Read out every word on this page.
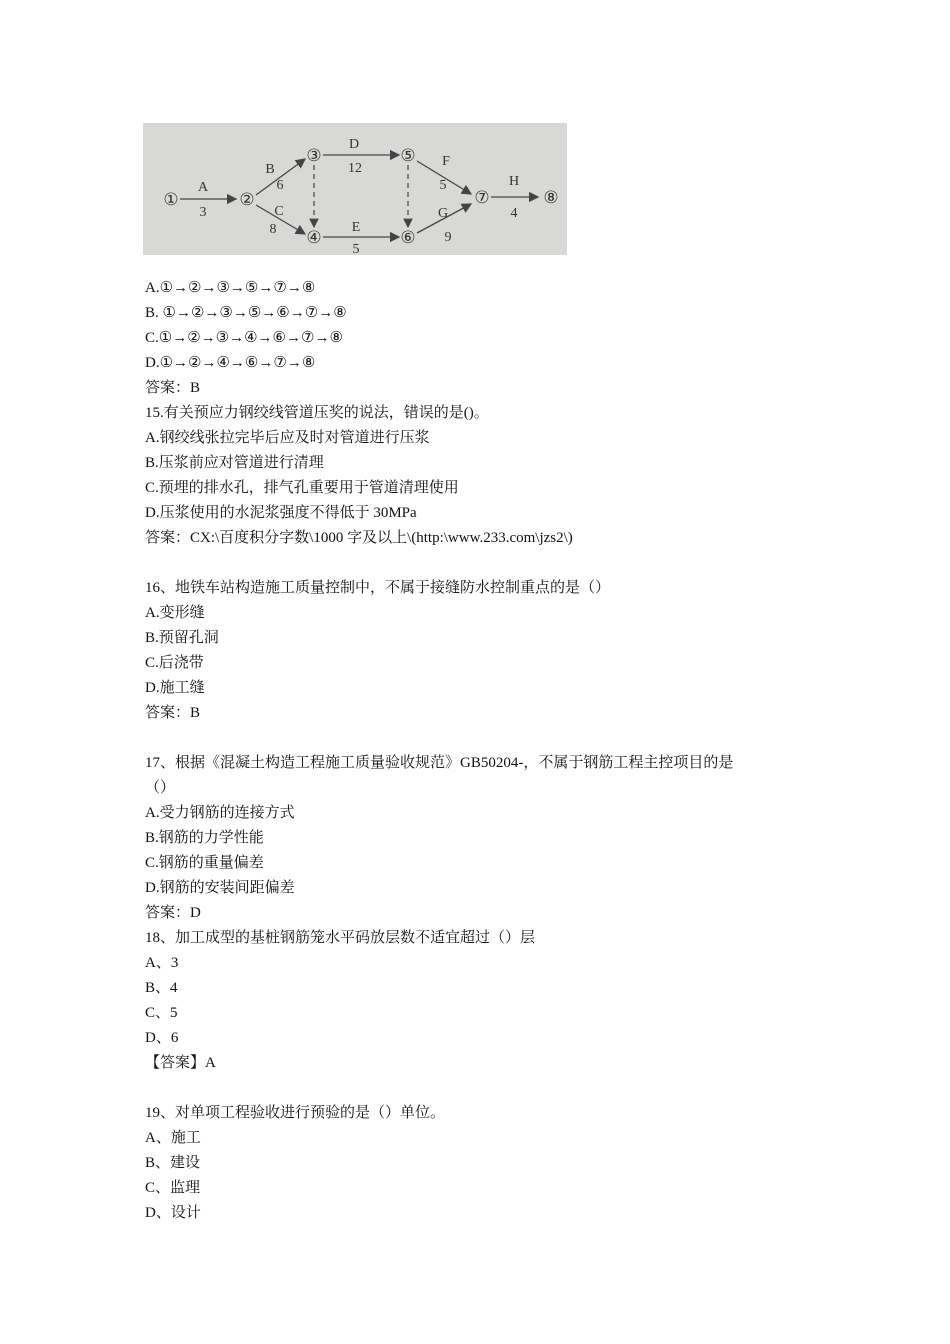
①	②
③
④
⑤
⑥
⑦	⑧
A
3
B
6
C
8
D
12
E
5
F
5
G
9
H
4
A.①→②→③→⑤→⑦→⑧
B. ①→②→③→⑤→⑥→⑦→⑧
C.①→②→③→④→⑥→⑦→⑧
D.①→②→④→⑥→⑦→⑧
答案：B
15.有关预应力钢绞线管道压奖的说法，错误的是()。
A.钢绞线张拉完毕后应及时对管道进行压浆
B.压浆前应对管道进行清理
C.预埋的排水孔，排气孔重要用于管道清理使用
D.压浆使用的水泥浆强度不得低于 30MPa
答案：CX:\百度积分字数\1000 字及以上\(http:\www.233.com\jzs2\)
16、地铁车站构造施工质量控制中，不属于接缝防水控制重点的是（）
A.变形缝
B.预留孔洞
C.后浇带
D.施工缝
答案：B
17、根据《混凝土构造工程施工质量验收规范》GB50204-，不属于钢筋工程主控项目的是
（）
A.受力钢筋的连接方式
B.钢筋的力学性能
C.钢筋的重量偏差
D.钢筋的安装间距偏差
答案：D
18、加工成型的基桩钢筋笼水平码放层数不适宜超过（）层
A、3
B、4
C、5
D、6
【答案】A
19、对单项工程验收进行预验的是（）单位。
A、施工
B、建设
C、监理
D、设计
